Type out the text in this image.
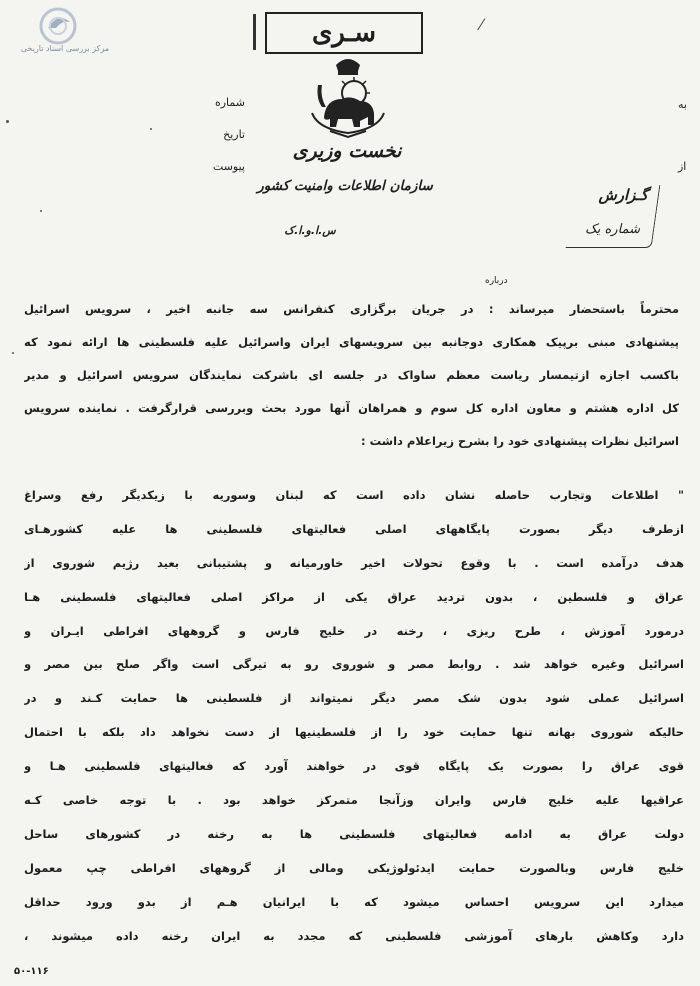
مرکز بررسی اسناد تاریخی
سـرى	⁄
نخست وزیری
سازمان اطلاعات وامنیت کشور
س.ا.و.ا.ک
شماره
تاریخ
پیوست
به
از
گـزارش
شماره یک
درباره
محترماً باستحضار میرساند : در جریان برگزاری کنفرانس سه جانبه اخیر ، سرویس اسرائیل
پیشنهادی مبنی برپیک همکاری دوجانبه بین سرویسهای ایران واسرائیل علیه فلسطینی ها ارائه نمود که
باکسب اجازه ازتیمسار ریاست معظم ساواک در جلسه ای باشرکت نمایندگان سرویس اسرائیل و مدیر
کل اداره هشتم و معاون اداره کل سوم و همراهان آنها مورد بحث وبررسی قرارگرفت . نماینده سرویس
اسرائیل نظرات پیشنهادی خود را بشرح زیراعلام داشت :
" اطلاعات وتجارب حاصله نشان داده است که لبنان وسوریه با زیکدیگر رفع وسراغ
ازطرف دیگر بصورت پایگاههای اصلی فعالیتهای فلسطینی ها علیه کشورهـای
هدف درآمده است . با وقوع تحولات اخیر خاورمیانه و پشتیبانی بعید رژیم شوروی از
عراق و فلسطین ، بدون تردید عراق یکی از مراکز اصلی فعالیتهای فلسطینی هـا
درمورد آموزش ، طرح ریزی ، رخنه در خلیج فارس و گروههای افراطی ایـران و
اسرائیل وغیره خواهد شد . روابط مصر و شوروی رو به تیرگی است واگر صلح بین مصر و
اسرائیل عملی شود بدون شک مصر دیگر نمیتواند از فلسطینی ها حمایت کـند و در
حالیکه شوروی بهانه تنها حمایت خود را از فلسطینیها از دست نخواهد داد بلکه با احتمال
قوی عراق را بصورت یک پایگاه قوی در خواهند آورد که فعالیتهای فلسطینی هـا و
عراقیها علیه خلیج فارس وایران وزآنجا متمرکز خواهد بود . با توجه خاصی کـه
دولت عراق به ادامه فعالیتهای فلسطینی ها به رخنه در کشورهای ساحل
خلیج فارس وبالصورت حمایت ایدئولوژیکی ومالی از گروههای افراطی چپ معمول
میدارد این سرویس احساس میشود که با ایرانیان هـم از بدو ورود حداقل
دارد وکاهش بارهای آموزشی فلسطینی که مجدد به ایران رخنه داده میشوند ،
۵۰-۱۱۶
